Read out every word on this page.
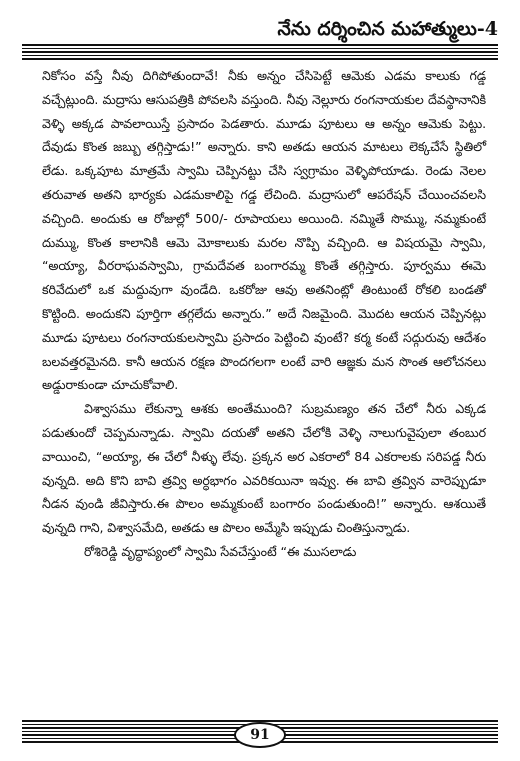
నేను దర్శించిన మహాత్ములు-4

నికోసం వస్తే నీవు దిగిపోతుందావే! నీకు అన్నం చేసిపెట్టే ఆమెకు ఎడమ కాలుకు గడ్డ వచ్చేట్లుంది. మద్రాసు ఆసుపత్రికి పోవలసి వస్తుంది. నీవు నెల్లూరు రంగనాయకుల దేవస్థానానికి వెళ్ళి అక్కడ పావలాయిస్తే ప్రసాదం పెడతారు. మూడు పూటలు ఆ అన్నం ఆమెకు పెట్టు. దేవుడు కొంత జబ్బు తగ్గిస్తాడు!” అన్నారు. కాని అతడు ఆయన మాటలు లెక్కచేసే స్థితిలో లేడు. ఒక్కపూట మాత్రమే స్వామి చెప్పినట్టు చేసి స్వగ్రామం వెళ్ళిపోయాడు. రెండు నెలల తరువాత అతని భార్యకు ఎడమకాలిపై గడ్డ లేచింది. మద్రాసులో ఆపరేషన్ చేయించవలసి వచ్చింది. అందుకు ఆ రోజుల్లో 500/- రూపాయలు అయింది. నమ్మితే సొమ్ము, నమ్మకుంటే దుమ్ము, కొంత కాలానికి ఆమె మోకాలుకు మరల నొప్పి వచ్చింది. ఆ విషయమై స్వామి, “అయ్యా, వీరరాఘవస్వామి, గ్రామదేవత బంగారమ్మ కొంతే తగ్గిస్తారు. పూర్వము ఈమె కరివేదులో ఒక మద్దువుగా వుండేది. ఒకరోజు ఆవు అతనింట్లో తింటుంటే రోకలి బండతో కొట్టింది. అందుకని పూర్తిగా తగ్గలేదు అన్నారు.” అదే నిజమైంది. మొదట ఆయన చెప్పినట్లు మూడు పూటలు రంగనాయకులస్వామి ప్రసాదం పెట్టించి వుంటే? కర్మ కంటే సద్గురువు ఆదేశం బలవత్తరమైనది. కానీ ఆయన రక్షణ పొందగలగా లంటే వారి ఆజ్ఞకు మన సొంత ఆలోచనలు అడ్డురాకుండా చూచుకోవాలి.

విశ్వాసము లేకున్నా ఆశకు అంతేముంది? సుబ్రమణ్యం తన చేలో నీరు ఎక్కడ పడుతుందో చెప్పమన్నాడు. స్వామి దయతో అతని చేలోకి వెళ్ళి నాలుగువైపులా తంబుర వాయించి, “అయ్యా, ఈ చేలో నీళ్ళు లేవు. ప్రక్కన అర ఎకరాలో 84 ఎకరాలకు సరిపడ్డ నీరు వున్నది. అది కొని బావి త్రవ్వి అర్ధభాగం ఎవరికయినా ఇవ్వు. ఈ బావి త్రవ్విన వారెప్పుడూ నీడన వుండి జీవిస్తారు.ఈ పొలం అమ్మకుంటే బంగారం పండుతుంది!” అన్నారు. ఆశయితే వున్నది గాని, విశ్వాసమేది, అతడు ఆ పొలం అమ్మేసి ఇప్పుడు చింతిస్తున్నాడు.

రోశిరెడ్డి వృద్ధాప్యంలో స్వామి సేవచేస్తుంటే “ఈ ముసలాడు

91
